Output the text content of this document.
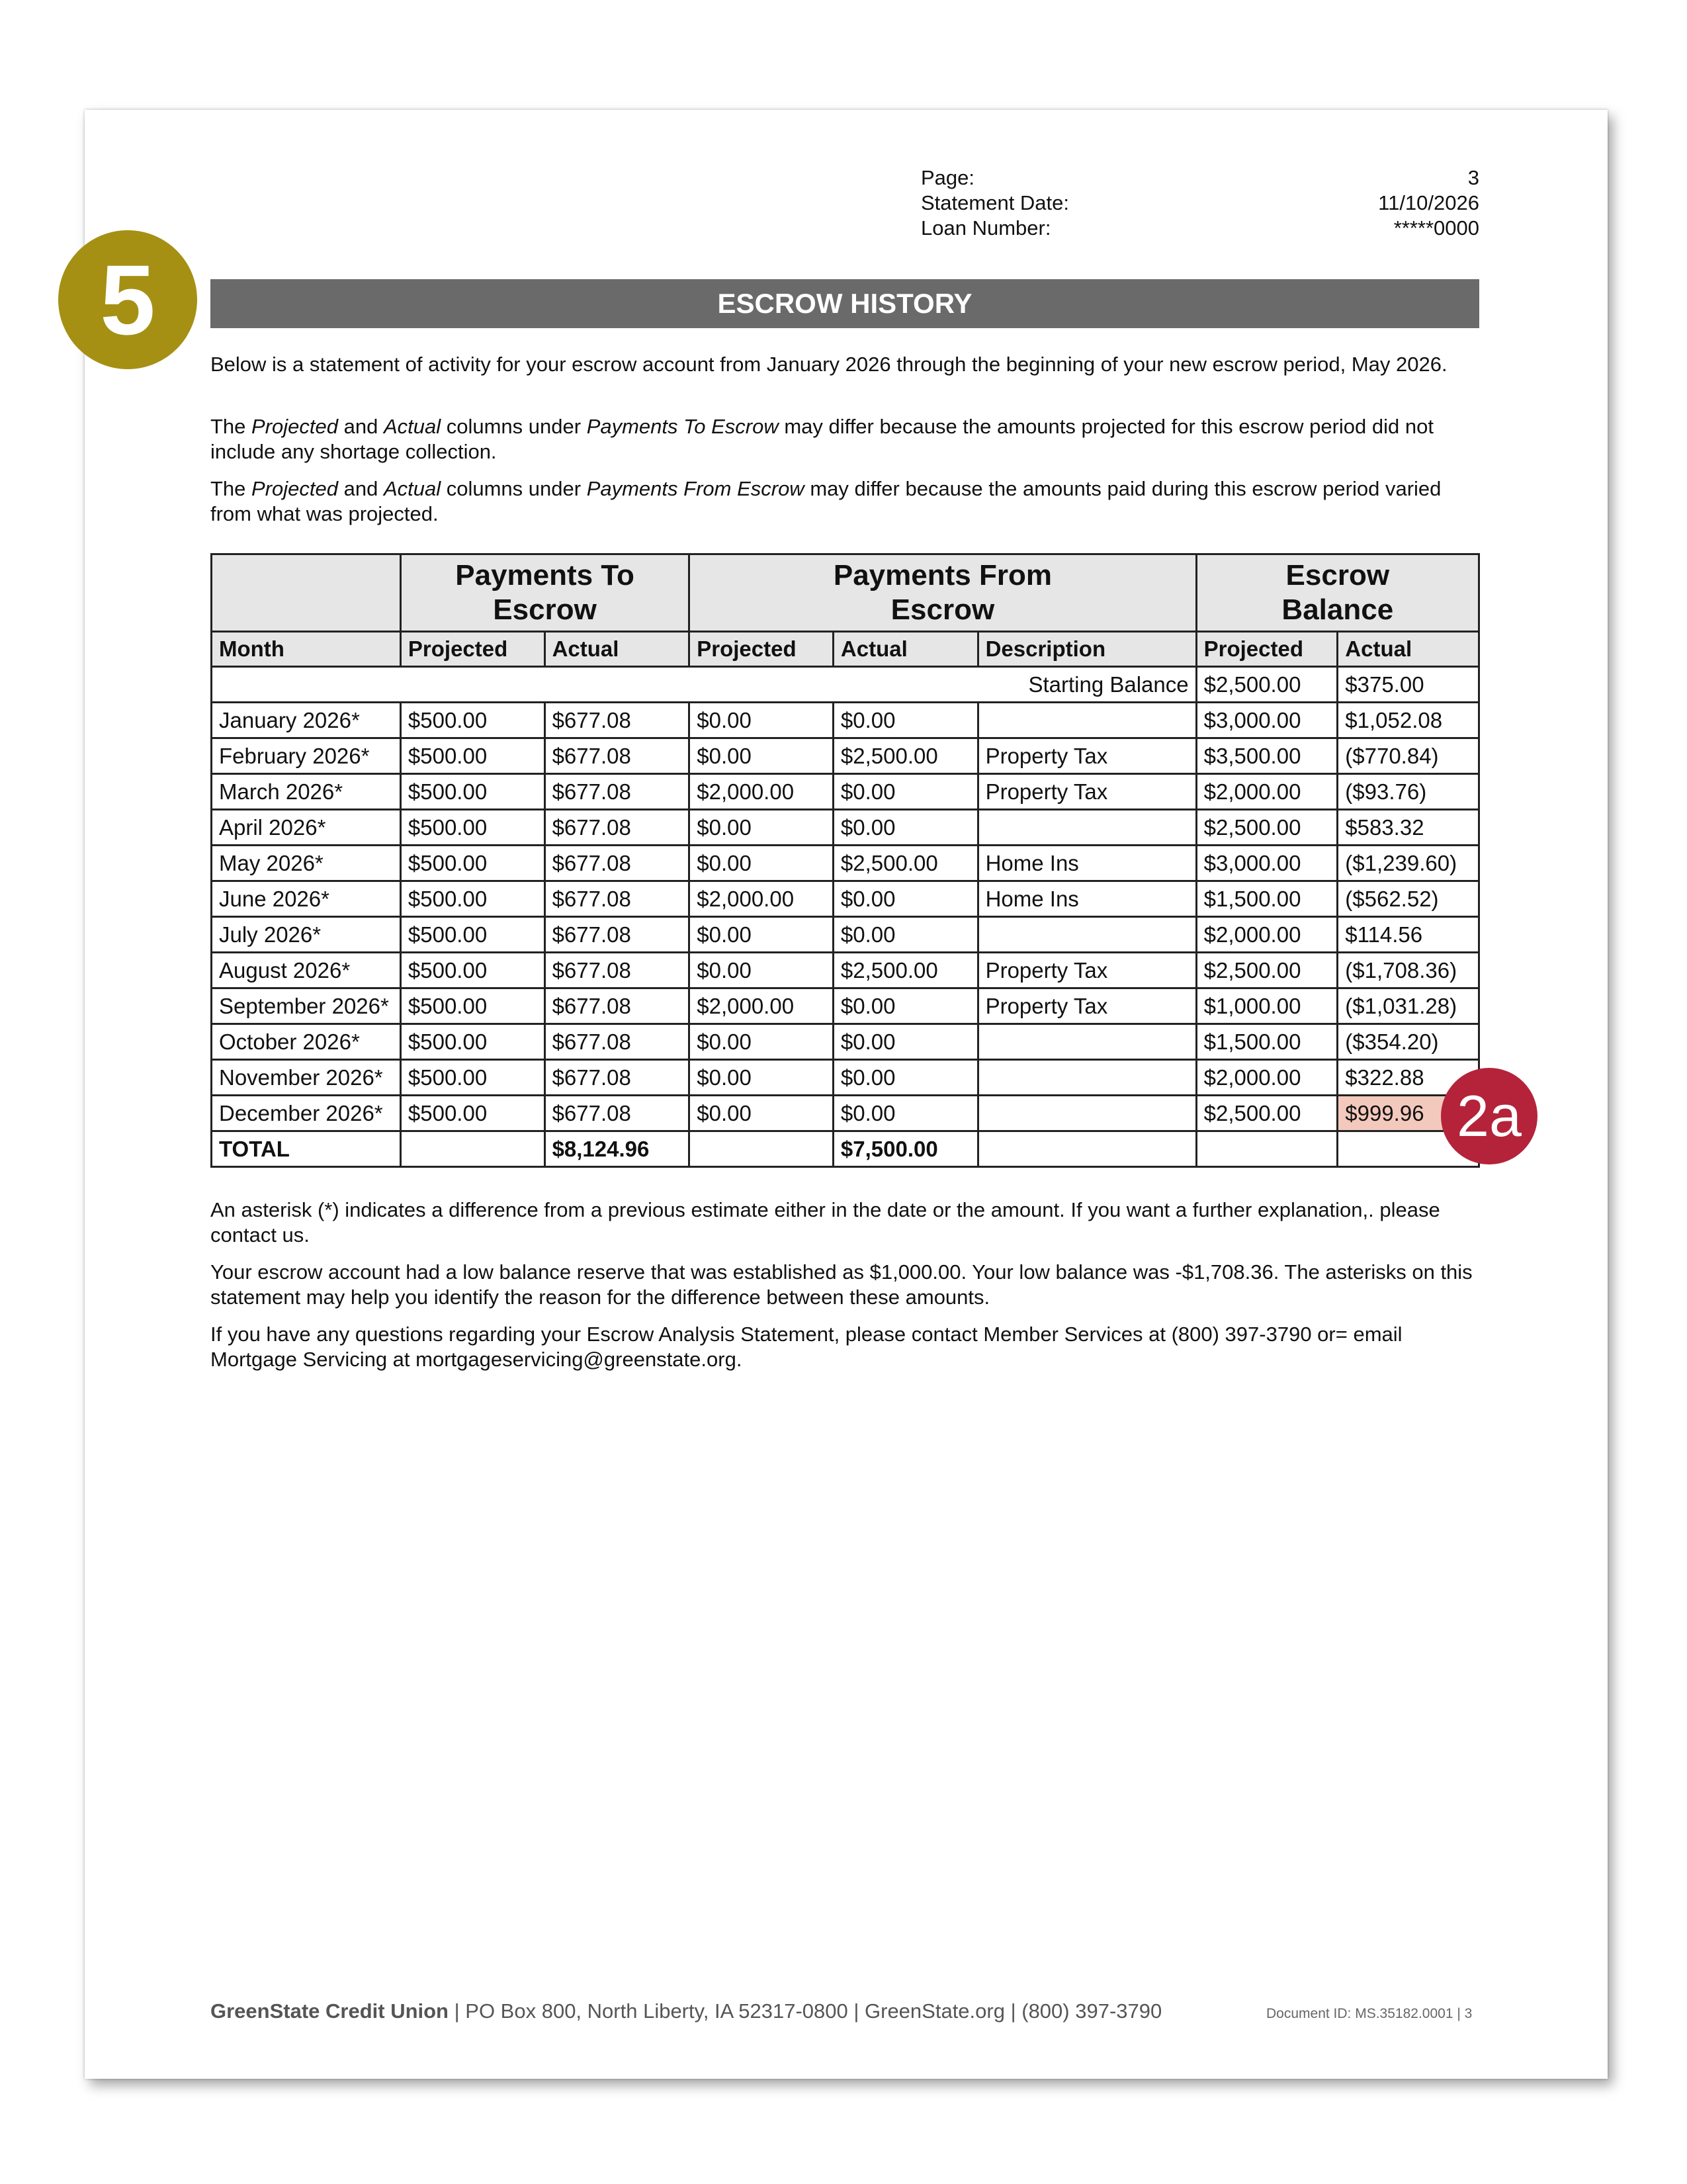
Page:	3
Statement Date:	11/10/2026
Loan Number:	*****0000
5	ESCROW HISTORY
Below is a statement of activity for your escrow account from January 2026 through the beginning of your new escrow period, May 2026.
The Projected and Actual columns under Payments To Escrow may differ because the amounts projected for this escrow period did not include any shortage collection.
The Projected and Actual columns under Payments From Escrow may differ because the amounts paid during this escrow period varied from what was projected.
	Payments To Escrow		Payments From Escrow			Escrow Balance	
Month	Projected	Actual	Projected	Actual	Description	Projected	Actual
Starting Balance						$2,500.00	$375.00
January 2026*	$500.00	$677.08	$0.00	$0.00		$3,000.00	$1,052.08
February 2026*	$500.00	$677.08	$0.00	$2,500.00	Property Tax	$3,500.00	($770.84)
March 2026*	$500.00	$677.08	$2,000.00	$0.00	Property Tax	$2,000.00	($93.76)
April 2026*	$500.00	$677.08	$0.00	$0.00		$2,500.00	$583.32
May 2026*	$500.00	$677.08	$0.00	$2,500.00	Home Ins	$3,000.00	($1,239.60)
June 2026*	$500.00	$677.08	$2,000.00	$0.00	Home Ins	$1,500.00	($562.52)
July 2026*	$500.00	$677.08	$0.00	$0.00		$2,000.00	$114.56
August 2026*	$500.00	$677.08	$0.00	$2,500.00	Property Tax	$2,500.00	($1,708.36)
September 2026*	$500.00	$677.08	$2,000.00	$0.00	Property Tax	$1,000.00	($1,031.28)
October 2026*	$500.00	$677.08	$0.00	$0.00		$1,500.00	($354.20)
November 2026*	$500.00	$677.08	$0.00	$0.00		$2,000.00	$322.88
December 2026*	$500.00	$677.08	$0.00	$0.00		$2,500.00	$999.96
TOTAL		$8,124.96		$7,500.00				2a
An asterisk (*) indicates a difference from a previous estimate either in the date or the amount. If you want a further explanation,. please contact us.
Your escrow account had a low balance reserve that was established as $1,000.00. Your low balance was -$1,708.36. The asterisks on this statement may help you identify the reason for the difference between these amounts.
If you have any questions regarding your Escrow Analysis Statement, please contact Member Services at (800) 397-3790 or= email Mortgage Servicing at mortgageservicing@greenstate.org.
GreenState Credit Union | PO Box 800, North Liberty, IA 52317-0800 | GreenState.org | (800) 397-3790	Document ID: MS.35182.0001 | 3
